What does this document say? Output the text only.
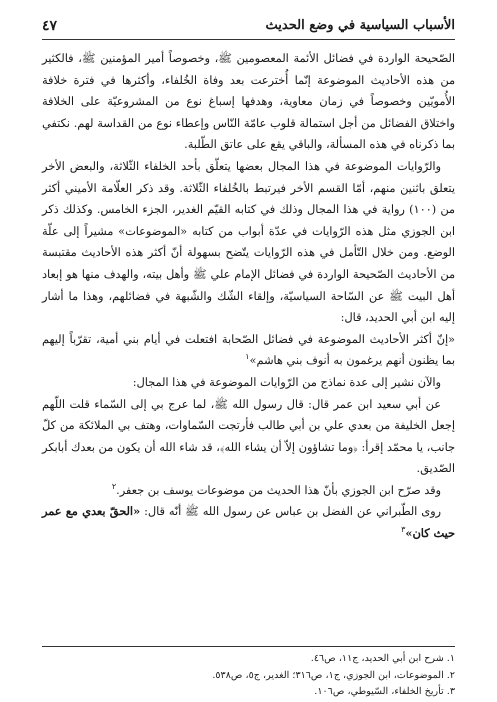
الأسباب السياسية في وضع الحديث
٤٧

الصّحيحة الواردة في فضائل الأئمة المعصومين ﷺ، وخصوصاً أمير المؤمنين ﷺ، فالكثير من هذه الأحاديث الموضوعة إنّما أُخترعت بعد وفاة الخُلفاء، وأكثرها في فترة خلافة الأُمويّين وخصوصاً في زمان معاوية، وهدفها إسباغ نوع من المشروعيّة على الخلافة واختلاق الفضائل من أجل استمالة قلوب عامّة النّاس وإعطاء نوع من القداسة لهم. نكتفي بما ذكرناه في هذه المسألة، والباقي يقع على عاتق الطّلبة.

والرّوايات الموضوعة في هذا المجال بعضها يتعلّق بأحد الخلفاء الثّلاثة، والبعض الأخر يتعلق باثنين منهم، أمّا القسم الأخر فيرتبط بالخُلفاء الثّلاثة. وقد ذكر العلّامة الأميني أكثر من (١٠٠) رواية في هذا المجال وذلك في كتابه القيّم الغدير، الجزء الخامس. وكذلك ذكر ابن الجوزي مثل هذه الرّوايات في عدّة أبواب من كتابه «الموضوعات» مشيراً إلى علّة الوضع. ومن خلال التّأمل في هذه الرّوايات يتّضح بسهولة أنّ أكثر هذه الأحاديث مقتبسة من الأحاديث الصّحيحة الواردة في فضائل الإمام علي ﷺ وأهل بيته، والهدف منها هو إبعاد أهل البيت ﷺ عن السّاحة السياسيّة، وإلقاء الشّك والشّبهة في فضائلهم، وهذا ما أشار إليه ابن أبي الحديد، قال:

«إنّ أكثر الأحاديث الموضوعة في فضائل الصّحابة افتعلت في أيام بني أمية، تقرّباً إليهم بما يظنون أنهم يرغمون به أنوف بني هاشم»$^١$

والآن نشير إلى عدة نماذج من الرّوايات الموضوعة في هذا المجال:

عن أبي سعيد ابن عمر قال: قال رسول الله ﷺ، لما عرج بي إلى السّماء قلت اللّهم إجعل الخليفة من بعدي علي بن أبي طالب فأرتجت السّماوات، وهتف بي الملائكة من كلّ جانب، يا محمّد إقرأ: ﴿وما تشاؤون إلاّ أن يشاء الله﴾، قد شاء الله أن يكون من بعدك أبابكر الصّديق.

وقد صرّح ابن الجوزي بأنّ هذا الحديث من موضوعات يوسف بن جعفر.$^٢$

روى الطّبراني عن الفضل بن عباس عن رسول الله ﷺ أنّه قال: «الحقّ بعدي مع عمر حيث كان»$^٣$

١. شرح ابن أبي الحديد، ج١١، ص٤٦.

٢. الموضوعات، ابن الجوزي، ج١، ص٣١٦؛ الغدير، ج٥، ص٥٣٨.

٣. تأريخ الخلفاء، السّيوطي، ص١٠٦.
